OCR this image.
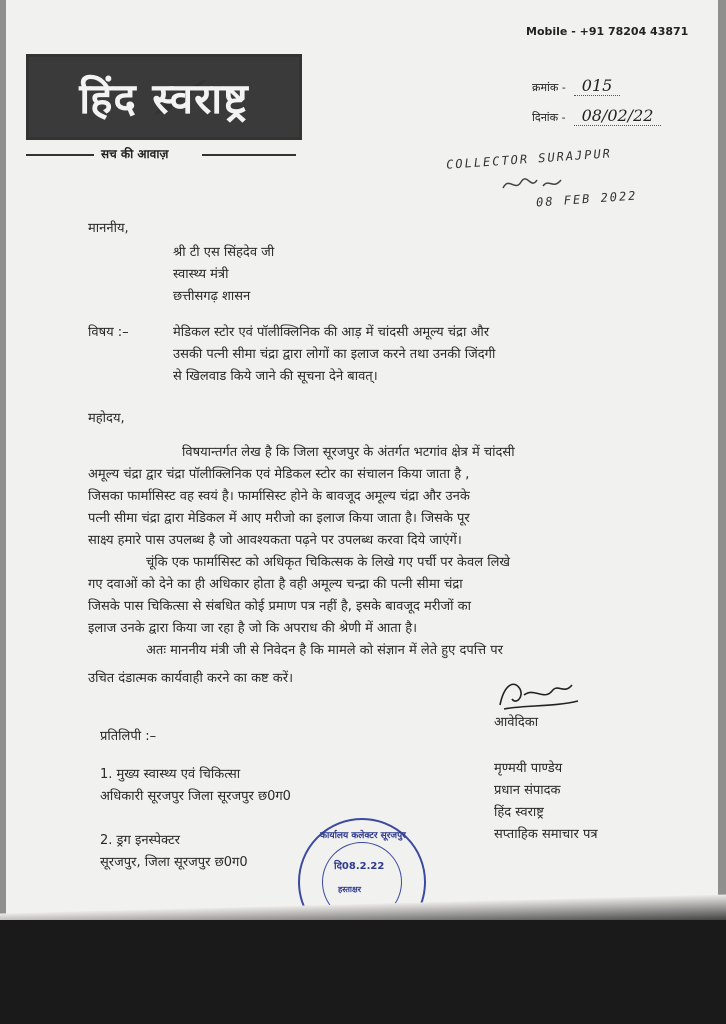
Mobile - +91 78204 43871
हिंद स्वराष्ट्र
सच की आवाज़
क्रमांक - 015
दिनांक - 08/02/22
COLLECTOR SURAJPUR
08 FEB 2022
माननीय,
श्री टी एस सिंहदेव जी
स्वास्थ्य मंत्री
छत्तीसगढ़ शासन
विषय :–	मेडिकल स्टोर एवं पॉलीक्लिनिक की आड़ में चांदसी अमूल्य चंद्रा और
उसकी पत्नी सीमा चंद्रा द्वारा लोगों का इलाज करने तथा उनकी जिंदगी
से खिलवाड किये जाने की सूचना देने बावत्।
महोदय,
विषयान्तर्गत लेख है कि जिला सूरजपुर के अंतर्गत भटगांव क्षेत्र में चांदसी
अमूल्य चंद्रा द्वार चंद्रा पॉलीक्लिनिक एवं मेडिकल स्टोर का संचालन किया जाता है ,
जिसका फार्मासिस्ट वह स्वयं है। फार्मासिस्ट होने के बावजूद अमूल्य चंद्रा और उनके
पत्नी सीमा चंद्रा द्वारा मेडिकल में आए मरीजो का इलाज किया जाता है। जिसके पूर
साक्ष्य हमारे पास उपलब्ध है जो आवश्यकता पढ़ने पर उपलब्ध करवा दिये जाएंगें।
चूंकि एक फार्मासिस्ट को अधिकृत चिकित्सक के लिखे गए पर्ची पर केवल लिखे
गए दवाओं को देने का ही अधिकार होता है वही अमूल्य चन्द्रा की पत्नी सीमा चंद्रा
जिसके पास चिकित्सा से संबधित कोई प्रमाण पत्र नहीं है, इसके बावजूद मरीजों का
इलाज उनके द्वारा किया जा रहा है जो कि अपराध की श्रेणी में आता है।
अतः माननीय मंत्री जी से निवेदन है कि मामले को संज्ञान में लेते हुए दपत्ति पर
उचित दंडात्मक कार्यवाही करने का कष्ट करें।
आवेदिका
मृण्मयी पाण्डेय
प्रधान संपादक
हिंद स्वराष्ट्र
सप्ताहिक समाचार पत्र
प्रतिलिपी :–
1. मुख्य स्वास्थ्य एवं चिकित्सा
अधिकारी सूरजपुर जिला सूरजपुर छ0ग0
2. ड्रग इनस्पेक्टर
सूरजपुर, जिला सूरजपुर छ0ग0
कार्यालय कलेक्टर सूरजपुर
दि08.2.22
हस्ताक्षर
